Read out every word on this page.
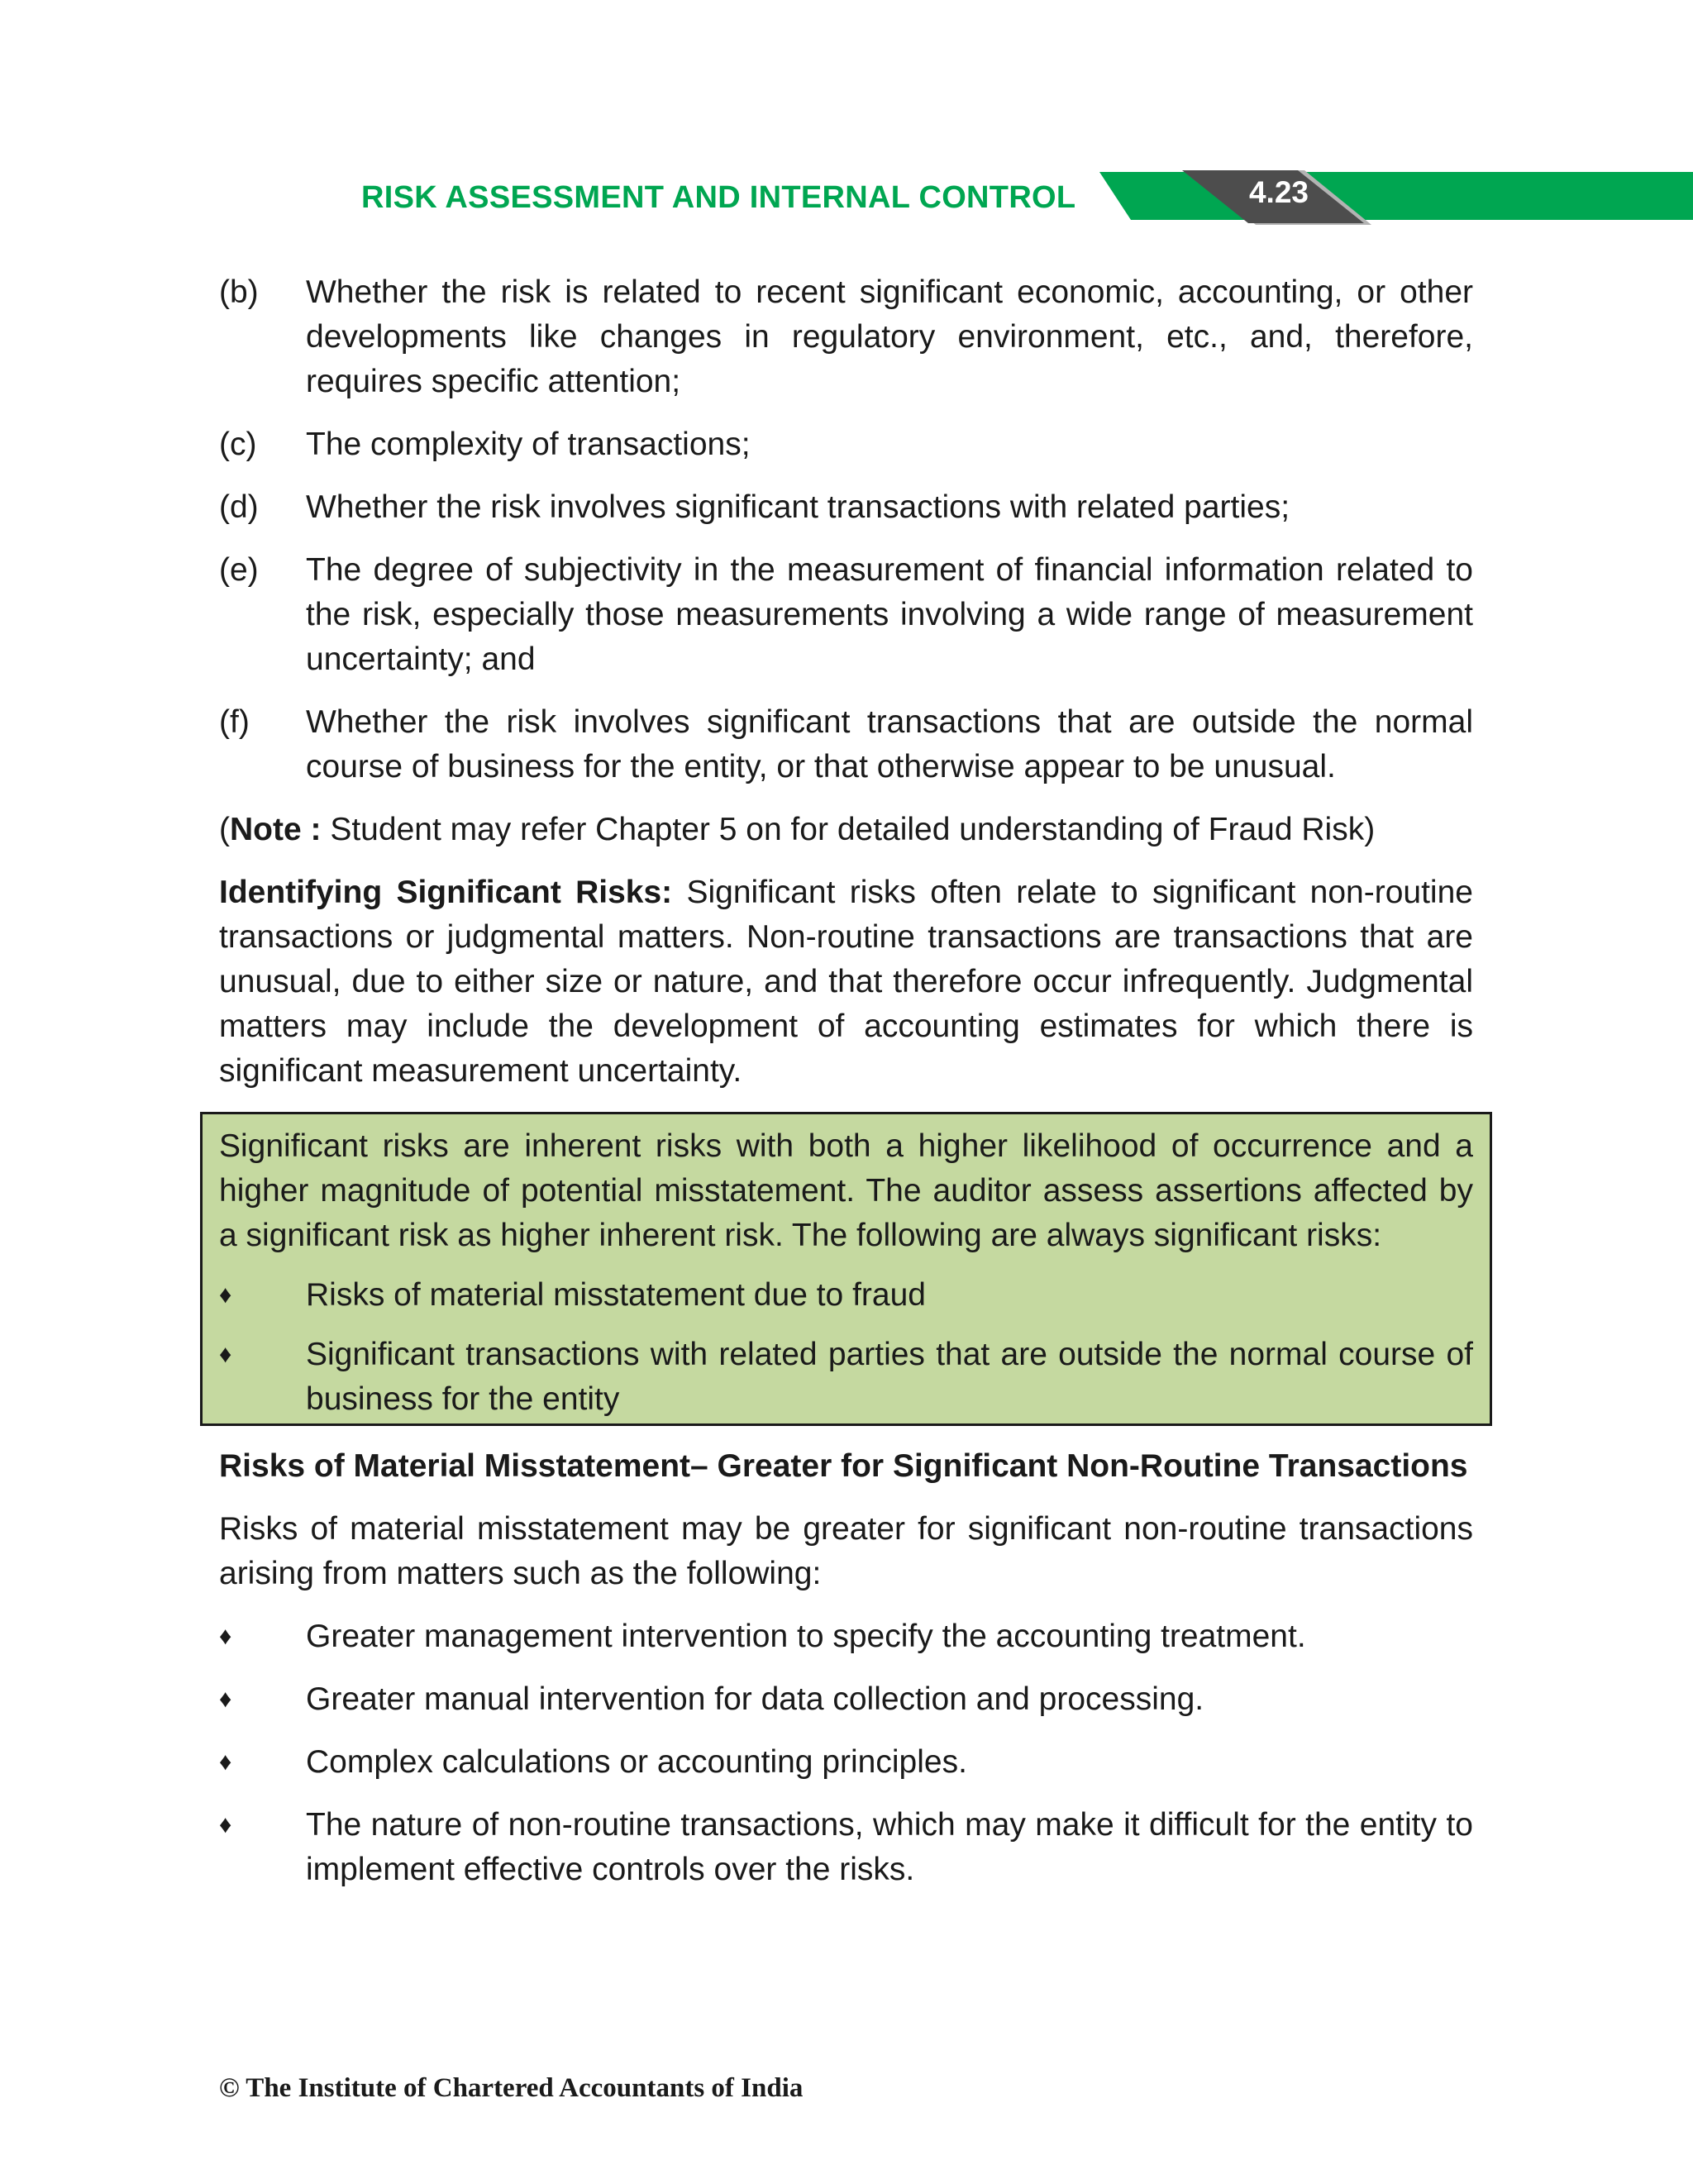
RISK ASSESSMENT AND INTERNAL CONTROL	4.23
(b)	Whether the risk is related to recent significant economic, accounting, or other developments like changes in regulatory environment, etc., and, therefore, requires specific attention;
(c)	The complexity of transactions;
(d)	Whether the risk involves significant transactions with related parties;
(e)	The degree of subjectivity in the measurement of financial information related to the risk, especially those measurements involving a wide range of measurement uncertainty; and
(f)	Whether the risk involves significant transactions that are outside the normal course of business for the entity, or that otherwise appear to be unusual.

(Note : Student may refer Chapter 5 on for detailed understanding of Fraud Risk)

Identifying Significant Risks: Significant risks often relate to significant non-routine transactions or judgmental matters. Non-routine transactions are transactions that are unusual, due to either size or nature, and that therefore occur infrequently. Judgmental matters may include the development of accounting estimates for which there is significant measurement uncertainty.

Significant risks are inherent risks with both a higher likelihood of occurrence and a higher magnitude of potential misstatement. The auditor assess assertions affected by a significant risk as higher inherent risk. The following are always significant risks:

♦	Risks of material misstatement due to fraud
♦	Significant transactions with related parties that are outside the normal course of business for the entity

Risks of Material Misstatement– Greater for Significant Non-Routine Transactions

Risks of material misstatement may be greater for significant non-routine transactions arising from matters such as the following:

♦	Greater management intervention to specify the accounting treatment.
♦	Greater manual intervention for data collection and processing.
♦	Complex calculations or accounting principles.
♦	The nature of non-routine transactions, which may make it difficult for the entity to implement effective controls over the risks.
© The Institute of Chartered Accountants of India
